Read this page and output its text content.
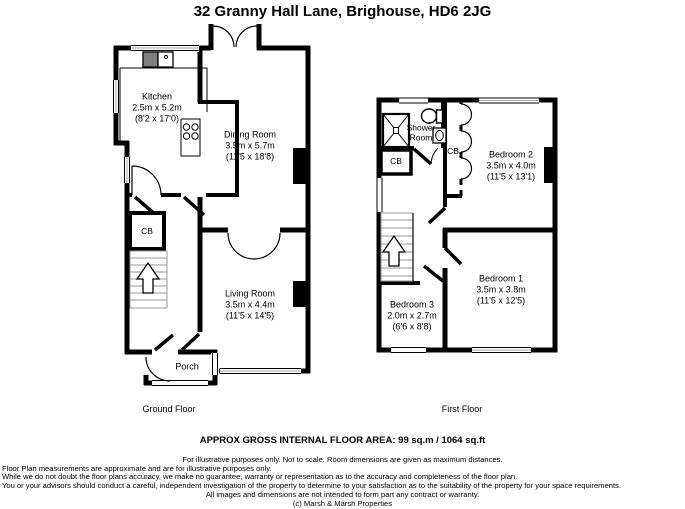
32 Granny Hall Lane, Brighouse, HD6 2JG
Kitchen
2.5m x 5.2m
(8'2 x 17'0)
Dining Room
3.5m x 5.7m
(11'5 x 18'8)
CB
Living Room
3.5m x 4.4m
(11'5 x 14'5)
Porch
Shower
Room
CB
CB	Bedroom 2
3.5m x 4.0m
(11'5 x 13'1)
Bedroom 1
3.5m x 3.8m
(11'5 x 12'5)
Bedroom 3
2.0m x 2.7m
(6'6 x 8'8)
Ground Floor	First Floor
APPROX GROSS INTERNAL FLOOR AREA: 99 sq.m / 1064 sq.ft
For illustrative purposes only. Not to scale. Room dimensions are given as maximum distances.
Floor Plan measurements are approximate and are for illustrative purposes only.
While we do not doubt the floor plans accuracy, we make no guarantee, warranty or representation as to the accuracy and completeness of the floor plan.
You or your advisors should conduct a careful, independent investigation of the property to determine to your satisfaction as to the suitability of the property for your space requirements.
All images and dimensions are not intended to form part any contract or warranty.
(c) Marsh & Marsh Properties
